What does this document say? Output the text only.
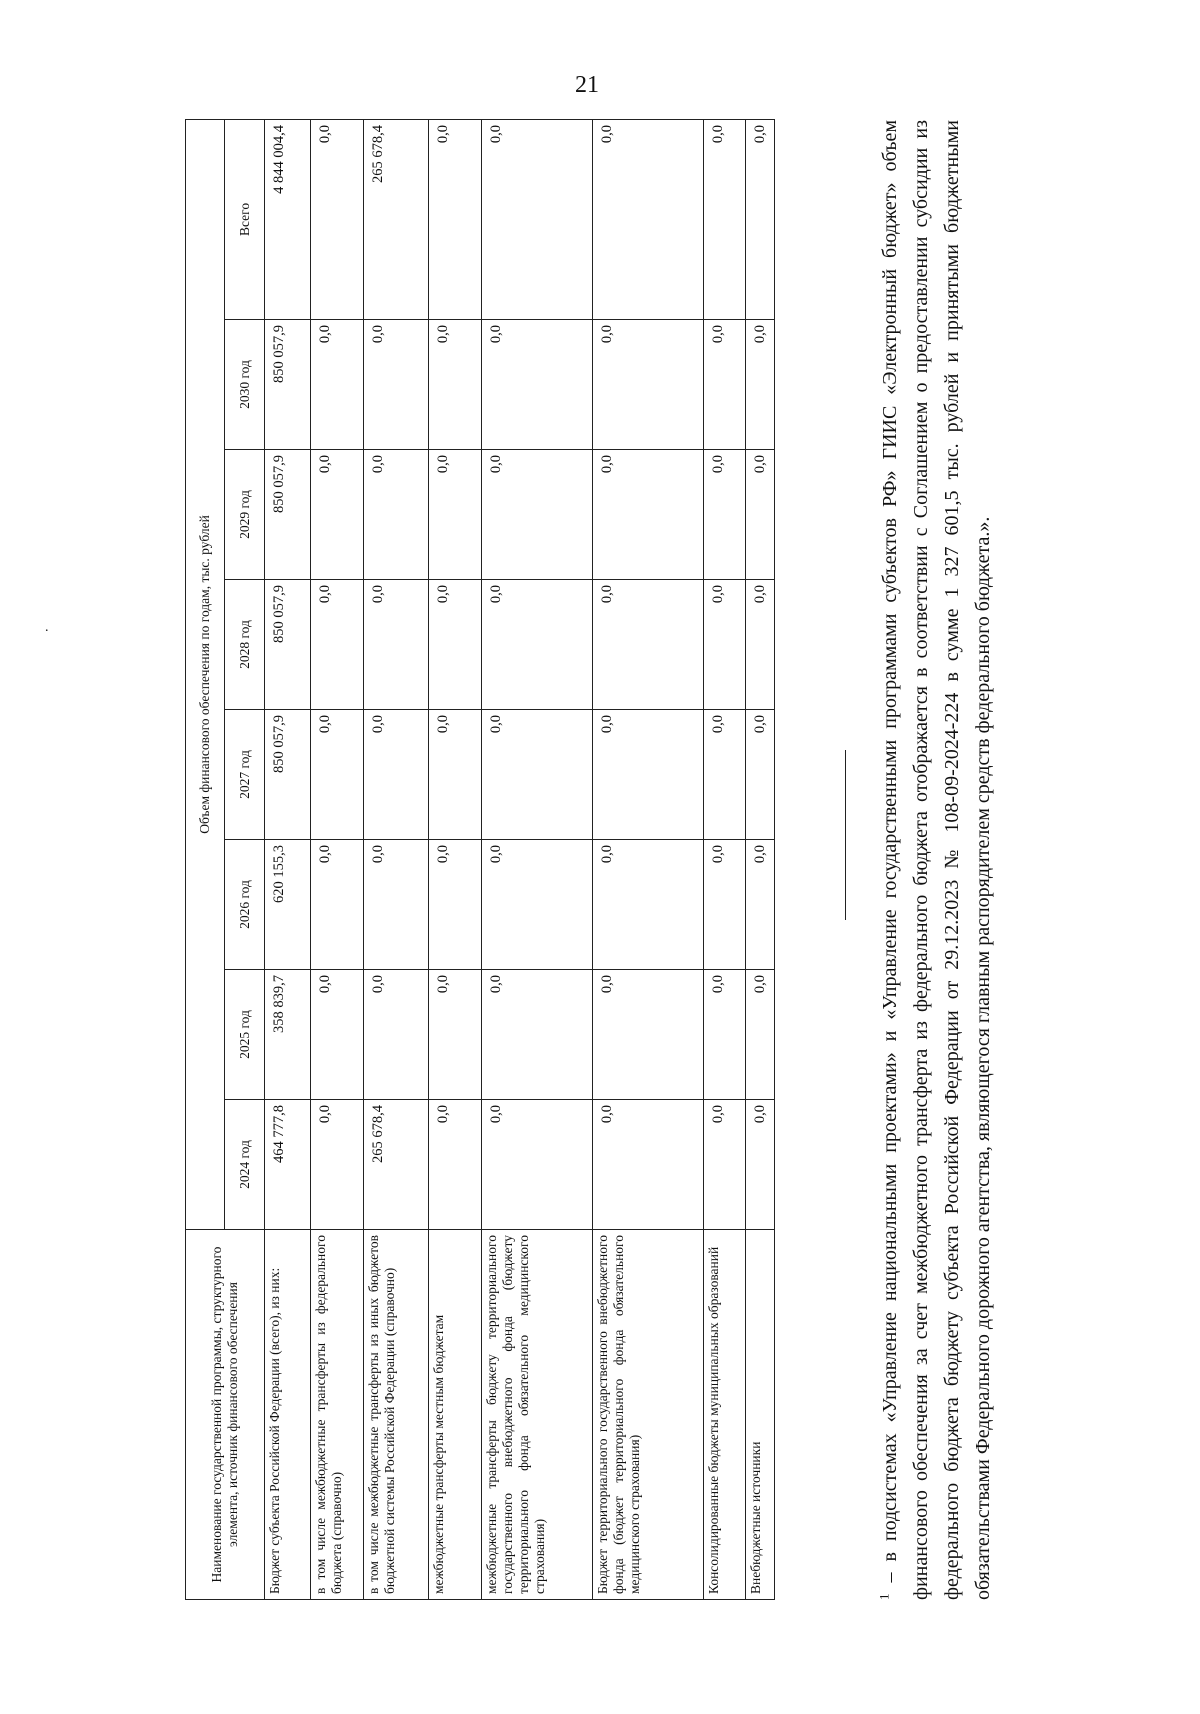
21
.
Наименование государственной программы, структурного элемента, источник финансового обеспечения	Объем финансового обеспечения по годам, тыс. рублей							
	2024 год	2025 год	2026 год	2027 год	2028 год	2029 год	2030 год	Всего
Бюджет субъекта Российской Федерации (всего), из них:	464 777,8	358 839,7	620 155,3	850 057,9	850 057,9	850 057,9	850 057,9	4 844 004,4
в том числе межбюджетные трансферты из федерального бюджета (справочно)	0,0	0,0	0,0	0,0	0,0	0,0	0,0	0,0
в том числе межбюджетные трансферты из иных бюджетов бюджетной системы Российской Федерации (справочно)	265 678,4	0,0	0,0	0,0	0,0	0,0	0,0	265 678,4
межбюджетные трансферты местным бюджетам	0,0	0,0	0,0	0,0	0,0	0,0	0,0	0,0
межбюджетные трансферты бюджету территориального государственного внебюджетного фонда (бюджету территориального фонда обязательного медицинского страхования)	0,0	0,0	0,0	0,0	0,0	0,0	0,0	0,0
Бюджет территориального государственного внебюджетного фонда (бюджет территориального фонда обязательного медицинского страхования)	0,0	0,0	0,0	0,0	0,0	0,0	0,0	0,0
Консолидированные бюджеты муниципальных образований	0,0	0,0	0,0	0,0	0,0	0,0	0,0	0,0
Внебюджетные источники	0,0	0,0	0,0	0,0	0,0	0,0	0,0	0,0
$^1$ – в подсистемах «Управление национальными проектами» и «Управление государственными программами субъектов РФ» ГИИС «Электронный бюджет» объем финансового обеспечения за счет межбюджетного трансферта из федерального бюджета отображается в соответствии с Соглашением о предоставлении субсидии из федерального бюджета бюджету субъекта Российской Федерации от 29.12.2023 № 108-09-2024-224 в сумме 1 327 601,5 тыс. рублей и принятыми бюджетными обязательствами Федерального дорожного агентства, являющегося главным распорядителем средств федерального бюджета.».
